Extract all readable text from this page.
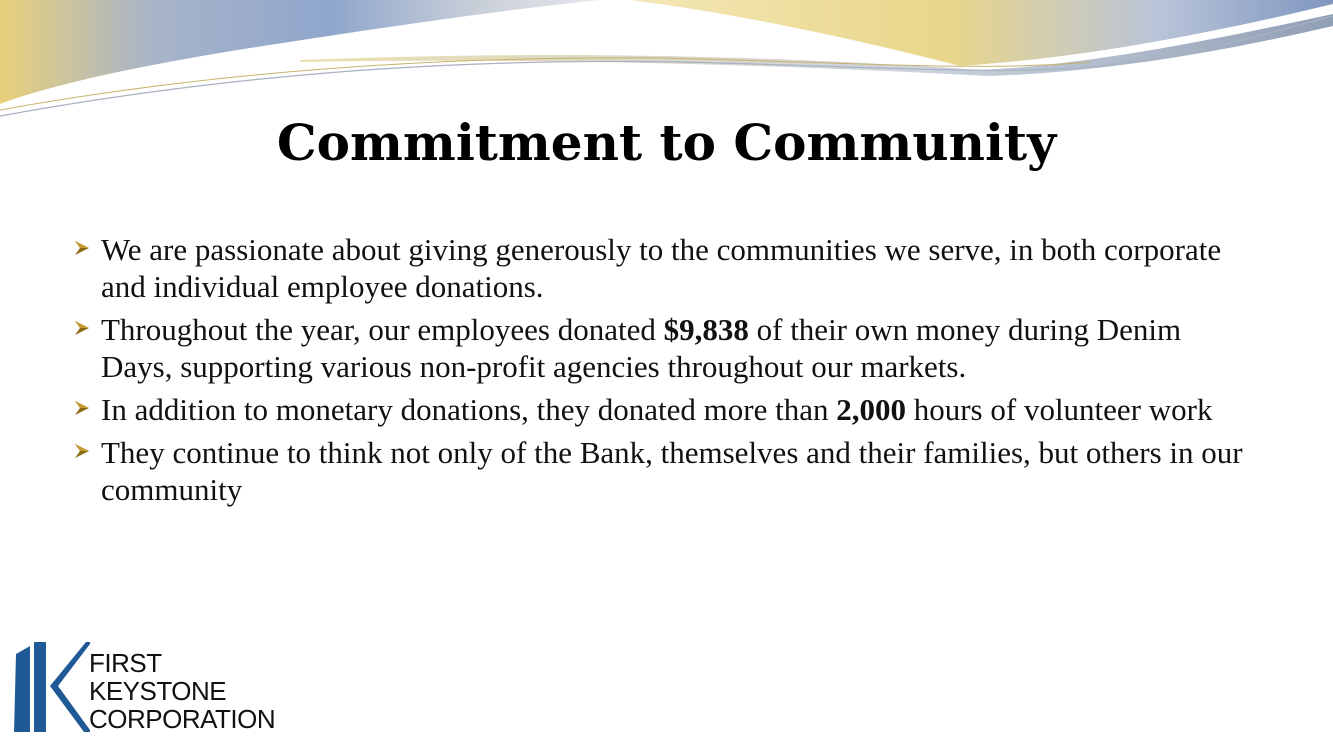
Commitment to Community
We are passionate about giving generously to the communities we serve, in both corporate and individual employee donations.
Throughout the year, our employees donated $9,838 of their own money during Denim Days, supporting various non-profit agencies throughout our markets.
In addition to monetary donations, they donated more than 2,000 hours of volunteer work
They continue to think not only of the Bank, themselves and their families, but others in our community
FIRST
KEYSTONE
CORPORATION
